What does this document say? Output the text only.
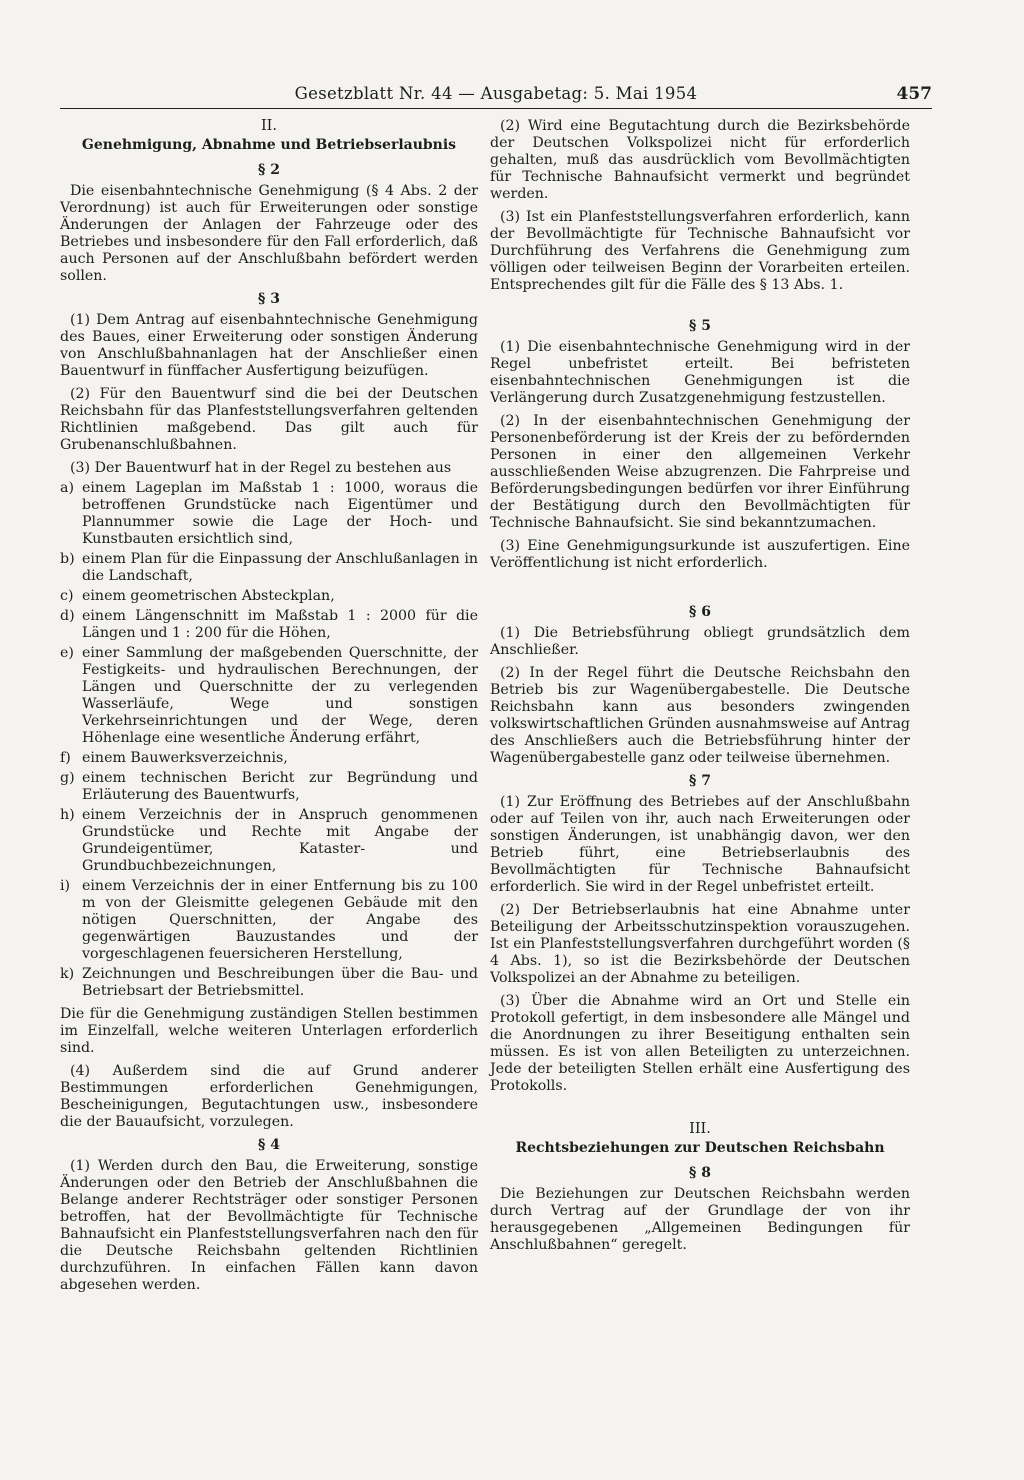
Gesetzblatt Nr. 44 — Ausgabetag: 5. Mai 1954	457
II.
Genehmigung, Abnahme und Betriebserlaubnis
§ 2

Die eisenbahntechnische Genehmigung (§ 4 Abs. 2 der Verordnung) ist auch für Erweiterungen oder sonstige Änderungen der Anlagen der Fahrzeuge oder des Betriebes und insbesondere für den Fall erforderlich, daß auch Personen auf der Anschlußbahn befördert werden sollen.

§ 3

(1) Dem Antrag auf eisenbahntechnische Genehmigung des Baues, einer Erweiterung oder sonstigen Änderung von Anschlußbahnanlagen hat der Anschließer einen Bauentwurf in fünffacher Ausfertigung beizufügen.

(2) Für den Bauentwurf sind die bei der Deutschen Reichsbahn für das Planfeststellungsverfahren geltenden Richtlinien maßgebend. Das gilt auch für Grubenanschlußbahnen.

(3) Der Bauentwurf hat in der Regel zu bestehen aus

a) einem Lageplan im Maßstab 1 : 1000, woraus die betroffenen Grundstücke nach Eigentümer und Plannummer sowie die Lage der Hoch- und Kunstbauten ersichtlich sind,
b) einem Plan für die Einpassung der Anschlußanlagen in die Landschaft,
c) einem geometrischen Absteckplan,
d) einem Längenschnitt im Maßstab 1 : 2000 für die Längen und 1 : 200 für die Höhen,
e) einer Sammlung der maßgebenden Querschnitte, der Festigkeits- und hydraulischen Berechnungen, der Längen und Querschnitte der zu verlegenden Wasserläufe, Wege und sonstigen Verkehrseinrichtungen und der Wege, deren Höhenlage eine wesentliche Änderung erfährt,
f) einem Bauwerksverzeichnis,
g) einem technischen Bericht zur Begründung und Erläuterung des Bauentwurfs,
h) einem Verzeichnis der in Anspruch genommenen Grundstücke und Rechte mit Angabe der Grundeigentümer, Kataster- und Grundbuchbezeichnungen,
i) einem Verzeichnis der in einer Entfernung bis zu 100 m von der Gleismitte gelegenen Gebäude mit den nötigen Querschnitten, der Angabe des gegenwärtigen Bauzustandes und der vorgeschlagenen feuersicheren Herstellung,
k) Zeichnungen und Beschreibungen über die Bau- und Betriebsart der Betriebsmittel.

Die für die Genehmigung zuständigen Stellen bestimmen im Einzelfall, welche weiteren Unterlagen erforderlich sind.

(4) Außerdem sind die auf Grund anderer Bestimmungen erforderlichen Genehmigungen, Bescheinigungen, Begutachtungen usw., insbesondere die der Bauaufsicht, vorzulegen.

§ 4

(1) Werden durch den Bau, die Erweiterung, sonstige Änderungen oder den Betrieb der Anschlußbahnen die Belange anderer Rechtsträger oder sonstiger Personen betroffen, hat der Bevollmächtigte für Technische Bahnaufsicht ein Planfeststellungsverfahren nach den für die Deutsche Reichsbahn geltenden Richtlinien durchzuführen. In einfachen Fällen kann davon abgesehen werden.

(2) Wird eine Begutachtung durch die Bezirksbehörde der Deutschen Volkspolizei nicht für erforderlich gehalten, muß das ausdrücklich vom Bevollmächtigten für Technische Bahnaufsicht vermerkt und begründet werden.

(3) Ist ein Planfeststellungsverfahren erforderlich, kann der Bevollmächtigte für Technische Bahnaufsicht vor Durchführung des Verfahrens die Genehmigung zum völligen oder teilweisen Beginn der Vorarbeiten erteilen. Entsprechendes gilt für die Fälle des § 13 Abs. 1.

§ 5

(1) Die eisenbahntechnische Genehmigung wird in der Regel unbefristet erteilt. Bei befristeten eisenbahntechnischen Genehmigungen ist die Verlängerung durch Zusatzgenehmigung festzustellen.

(2) In der eisenbahntechnischen Genehmigung der Personenbeförderung ist der Kreis der zu befördernden Personen in einer den allgemeinen Verkehr ausschließenden Weise abzugrenzen. Die Fahrpreise und Beförderungsbedingungen bedürfen vor ihrer Einführung der Bestätigung durch den Bevollmächtigten für Technische Bahnaufsicht. Sie sind bekanntzumachen.

(3) Eine Genehmigungsurkunde ist auszufertigen. Eine Veröffentlichung ist nicht erforderlich.

§ 6

(1) Die Betriebsführung obliegt grundsätzlich dem Anschließer.

(2) In der Regel führt die Deutsche Reichsbahn den Betrieb bis zur Wagenübergabestelle. Die Deutsche Reichsbahn kann aus besonders zwingenden volkswirtschaftlichen Gründen ausnahmsweise auf Antrag des Anschließers auch die Betriebsführung hinter der Wagenübergabestelle ganz oder teilweise übernehmen.

§ 7

(1) Zur Eröffnung des Betriebes auf der Anschlußbahn oder auf Teilen von ihr, auch nach Erweiterungen oder sonstigen Änderungen, ist unabhängig davon, wer den Betrieb führt, eine Betriebserlaubnis des Bevollmächtigten für Technische Bahnaufsicht erforderlich. Sie wird in der Regel unbefristet erteilt.

(2) Der Betriebserlaubnis hat eine Abnahme unter Beteiligung der Arbeitsschutzinspektion vorauszugehen. Ist ein Planfeststellungsverfahren durchgeführt worden (§ 4 Abs. 1), so ist die Bezirksbehörde der Deutschen Volkspolizei an der Abnahme zu beteiligen.

(3) Über die Abnahme wird an Ort und Stelle ein Protokoll gefertigt, in dem insbesondere alle Mängel und die Anordnungen zu ihrer Beseitigung enthalten sein müssen. Es ist von allen Beteiligten zu unterzeichnen. Jede der beteiligten Stellen erhält eine Ausfertigung des Protokolls.

III.
Rechtsbeziehungen zur Deutschen Reichsbahn
§ 8

Die Beziehungen zur Deutschen Reichsbahn werden durch Vertrag auf der Grundlage der von ihr herausgegebenen „Allgemeinen Bedingungen für Anschlußbahnen“ geregelt.
